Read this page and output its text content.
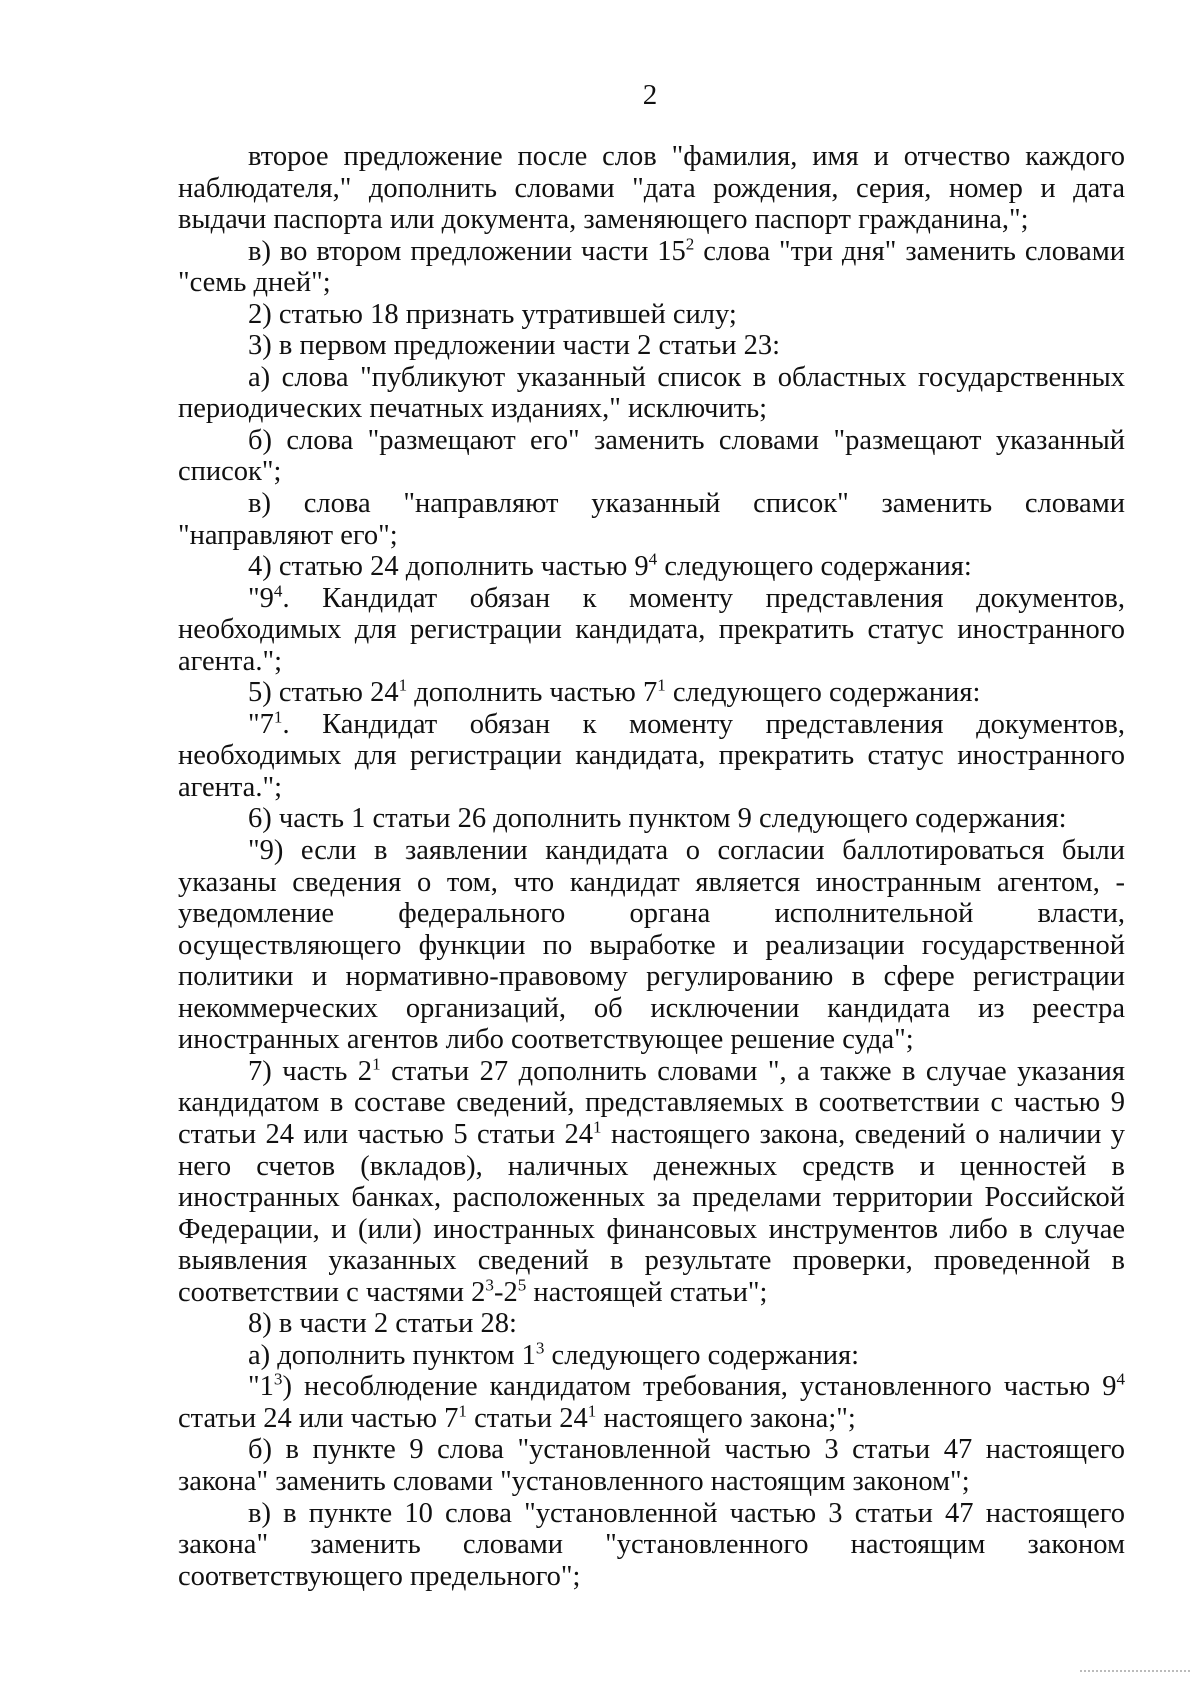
2

второе предложение после слов "фамилия, имя и отчество каждого наблюдателя," дополнить словами "дата рождения, серия, номер и дата выдачи паспорта или документа, заменяющего паспорт гражданина,";

в) во втором предложении части $15^2$ слова "три дня" заменить словами "семь дней";

2) статью 18 признать утратившей силу;

3) в первом предложении части 2 статьи 23:

а) слова "публикуют указанный список в областных государственных периодических печатных изданиях," исключить;

б) слова "размещают его" заменить словами "размещают указанный список";

в) слова "направляют указанный список" заменить словами "направляют его";

4) статью 24 дополнить частью $9^4$ следующего содержания:

"$9^4$. Кандидат обязан к моменту представления документов, необходимых для регистрации кандидата, прекратить статус иностранного агента.";

5) статью $24^1$ дополнить частью $7^1$ следующего содержания:

"$7^1$. Кандидат обязан к моменту представления документов, необходимых для регистрации кандидата, прекратить статус иностранного агента.";

6) часть 1 статьи 26 дополнить пунктом 9 следующего содержания:

"9) если в заявлении кандидата о согласии баллотироваться были указаны сведения о том, что кандидат является иностранным агентом, - уведомление федерального органа исполнительной власти, осуществляющего функции по выработке и реализации государственной политики и нормативно-правовому регулированию в сфере регистрации некоммерческих организаций, об исключении кандидата из реестра иностранных агентов либо соответствующее решение суда";

7) часть $2^1$ статьи 27 дополнить словами ", а также в случае указания кандидатом в составе сведений, представляемых в соответствии с частью 9 статьи 24 или частью 5 статьи $24^1$ настоящего закона, сведений о наличии у него счетов (вкладов), наличных денежных средств и ценностей в иностранных банках, расположенных за пределами территории Российской Федерации, и (или) иностранных финансовых инструментов либо в случае выявления указанных сведений в результате проверки, проведенной в соответствии с частями $2^3-2^5$ настоящей статьи";

8) в части 2 статьи 28:

а) дополнить пунктом $1^3$ следующего содержания:

"$1^3$) несоблюдение кандидатом требования, установленного частью $9^4$ статьи 24 или частью $7^1$ статьи $24^1$ настоящего закона;";

б) в пункте 9 слова "установленной частью 3 статьи 47 настоящего закона" заменить словами "установленного настоящим законом";

в) в пункте 10 слова "установленной частью 3 статьи 47 настоящего закона" заменить словами "установленного настоящим законом соответствующего предельного";
